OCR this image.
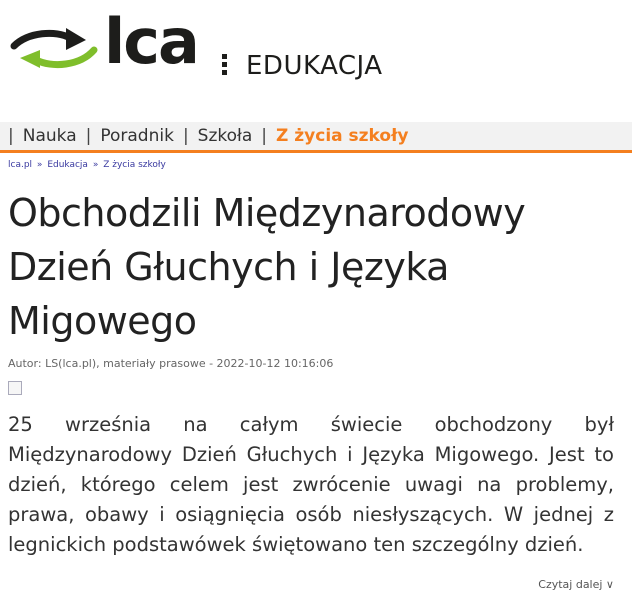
lca EDUKACJA
| Nauka | Poradnik | Szkoła | Z życia szkoły
lca.pl » Edukacja » Z życia szkoły
Obchodzili Międzynarodowy Dzień Głuchych i Języka Migowego
Autor: LS(lca.pl), materiały prasowe - 2022-10-12 10:16:06

25 września na całym świecie obchodzony był Międzynarodowy Dzień Głuchych i Języka Migowego. Jest to dzień, którego celem jest zwrócenie uwagi na problemy, prawa, obawy i osiągnięcia osób niesłyszących. W jednej z legnickich podstawówek świętowano ten szczególny dzień.

Czytaj dalej ∨
